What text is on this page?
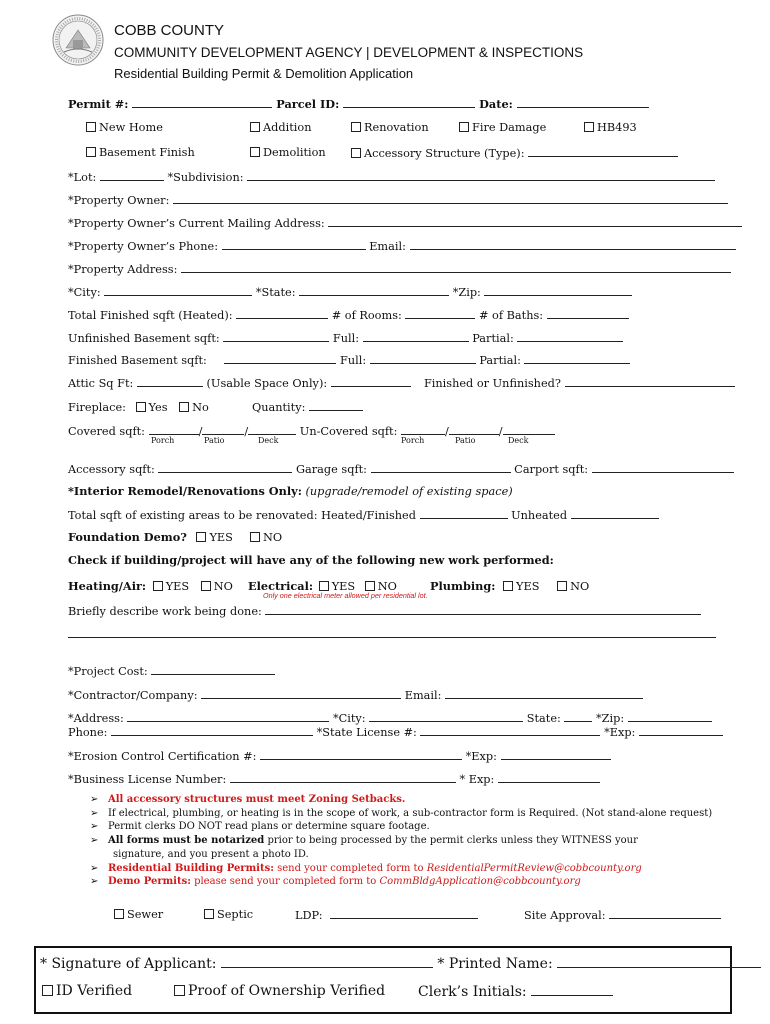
COBB COUNTY
COMMUNITY DEVELOPMENT AGENCY | DEVELOPMENT & INSPECTIONS
Residential Building Permit & Demolition Application
Permit #:	Parcel ID:	Date:
New Home	Addition	Renovation	Fire Damage	HB493
Basement Finish	Demolition	Accessory Structure (Type):
*Lot:	*Subdivision:
*Property Owner:
*Property Owner’s Current Mailing Address:
*Property Owner’s Phone:	Email:
*Property Address:
*City:	*State:	*Zip:
Total Finished sqft (Heated):	# of Rooms:	# of Baths:
Unfinished Basement sqft:	Full:	Partial:
Finished Basement sqft:	Full:	Partial:
Attic Sq Ft:	(Usable Space Only):	Finished or Unfinished?
Fireplace: Yes No	Quantity:
Covered sqft:	/	/	Un-Covered sqft:	/	/
Porch	Patio	Deck	Porch	Patio	Deck
Accessory sqft:	Garage sqft:	Carport sqft:
*Interior Remodel/Renovations Only: (upgrade/remodel of existing space)
Total sqft of existing areas to be renovated: Heated/Finished	Unheated
Foundation Demo? YES	NO
Check if building/project will have any of the following new work performed:
Heating/Air: YES NO Electrical: YES NO	Plumbing: YES	NO
Only one electrical meter allowed per residential lot.
Briefly describe work being done:
*Project Cost:
*Contractor/Company:	Email:
*Address:	*City:	State:	*Zip:
Phone:	*State License #:	*Exp:
*Erosion Control Certification #:	*Exp:
*Business License Number:	* Exp:
➢ All accessory structures must meet Zoning Setbacks.
➢ If electrical, plumbing, or heating is in the scope of work, a sub-contractor form is Required. (Not stand-alone request)
➢ Permit clerks DO NOT read plans or determine square footage.
➢ All forms must be notarized prior to being processed by the permit clerks unless they WITNESS your
signature, and you present a photo ID.
➢ Residential Building Permits: send your completed form to ResidentialPermitReview@cobbcounty.org
➢ Demo Permits: please send your completed form to CommBldgApplication@cobbcounty.org
Sewer	Septic	LDP:	Site Approval:
* Signature of Applicant:	* Printed Name:
ID Verified	Proof of Ownership Verified Clerk’s Initials:
